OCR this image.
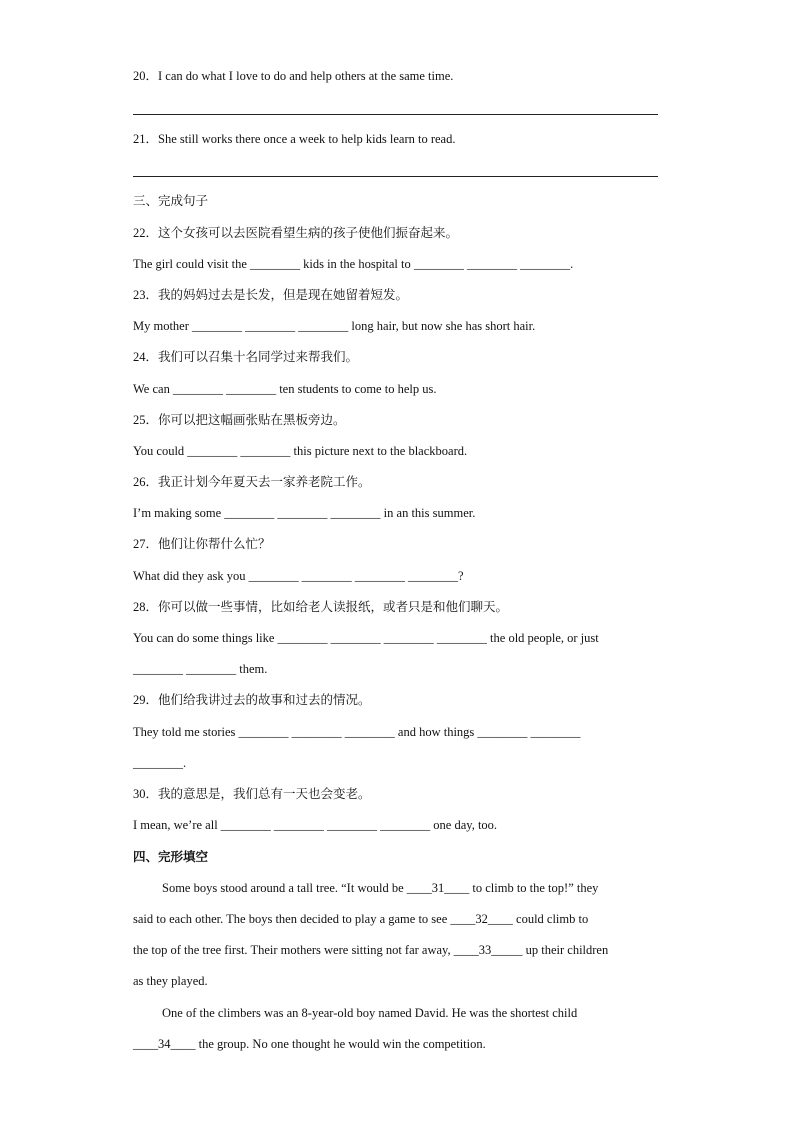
20．I can do what I love to do and help others at the same time.
21．She still works there once a week to help kids learn to read.
三、完成句子
22．这个女孩可以去医院看望生病的孩子使他们振奋起来。
The girl could visit the ________ kids in the hospital to ________ ________ ________.
23．我的妈妈过去是长发，但是现在她留着短发。
My mother ________ ________ ________ long hair, but now she has short hair.
24．我们可以召集十名同学过来帮我们。
We can ________ ________ ten students to come to help us.
25．你可以把这幅画张贴在黑板旁边。
You could ________ ________ this picture next to the blackboard.
26．我正计划今年夏天去一家养老院工作。
I’m making some ________ ________ ________ in an this summer.
27．他们让你帮什么忙？
What did they ask you ________ ________ ________ ________?
28．你可以做一些事情，比如给老人读报纸，或者只是和他们聊天。
You can do some things like ________ ________ ________ ________ the old people, or just
________ ________ them.
29．他们给我讲过去的故事和过去的情况。
They told me stories ________ ________ ________ and how things ________ ________
________.
30．我的意思是，我们总有一天也会变老。
I mean, we’re all ________ ________ ________ ________ one day, too.
四、完形填空
Some boys stood around a tall tree. “It would be ____31____ to climb to the top!” they
said to each other. The boys then decided to play a game to see ____32____ could climb to
the top of the tree first. Their mothers were sitting not far away, ____33_____ up their children
as they played.
One of the climbers was an 8-year-old boy named David. He was the shortest child
____34____ the group. No one thought he would win the competition.
